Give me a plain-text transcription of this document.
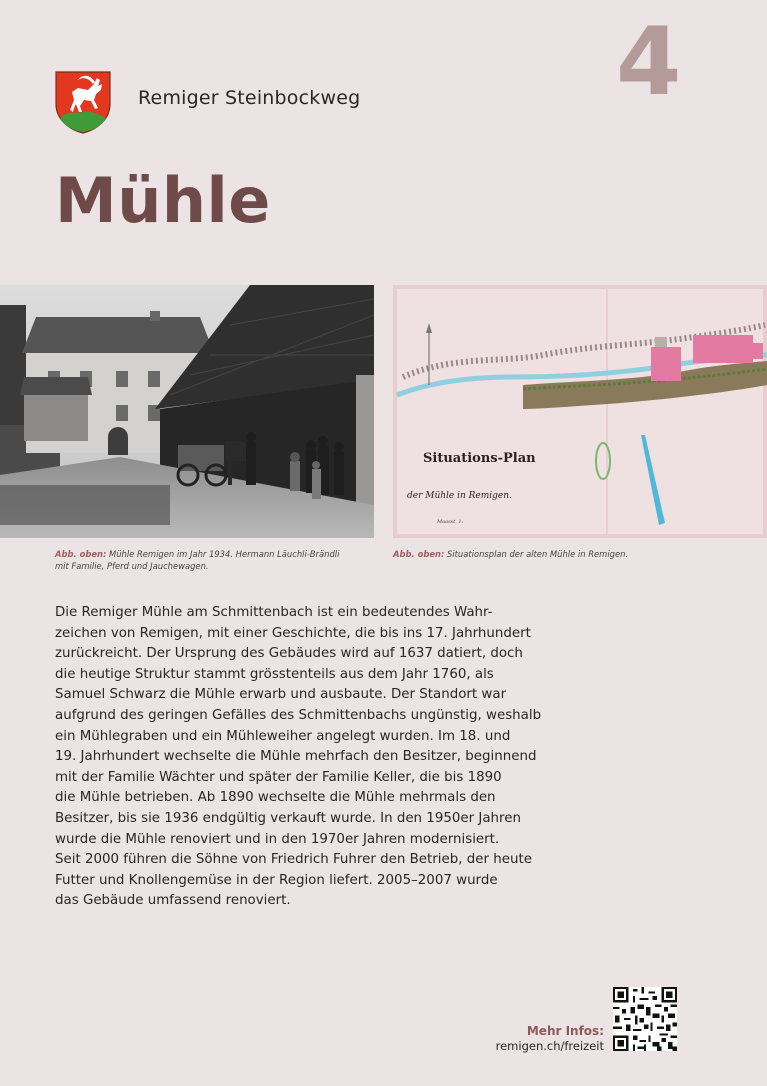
Remiger Steinbockweg	4
Mühle
Situations-Plan
der Mühle in Remigen.
Maasst. 1:
Abb. oben: Mühle Remigen im Jahr 1934. Hermann Läuchli-Brändli
mit Familie, Pferd und Jauchewagen.
Abb. oben: Situationsplan der alten Mühle in Remigen.
Die Remiger Mühle am Schmittenbach ist ein bedeutendes Wahr-
zeichen von Remigen, mit einer Geschichte, die bis ins 17. Jahrhundert
zurückreicht. Der Ursprung des Gebäudes wird auf 1637 datiert, doch
die heutige Struktur stammt grösstenteils aus dem Jahr 1760, als
Samuel Schwarz die Mühle erwarb und ausbaute. Der Standort war
aufgrund des geringen Gefälles des Schmittenbachs ungünstig, weshalb
ein Mühlegraben und ein Mühleweiher angelegt wurden. Im 18. und
19. Jahrhundert wechselte die Mühle mehrfach den Besitzer, beginnend
mit der Familie Wächter und später der Familie Keller, die bis 1890
die Mühle betrieben. Ab 1890 wechselte die Mühle mehrmals den
Besitzer, bis sie 1936 endgültig verkauft wurde. In den 1950er Jahren
wurde die Mühle renoviert und in den 1970er Jahren modernisiert.
Seit 2000 führen die Söhne von Friedrich Fuhrer den Betrieb, der heute
Futter und Knollengemüse in der Region liefert. 2005–2007 wurde
das Gebäude umfassend renoviert.
Mehr Infos:
remigen.ch/freizeit
